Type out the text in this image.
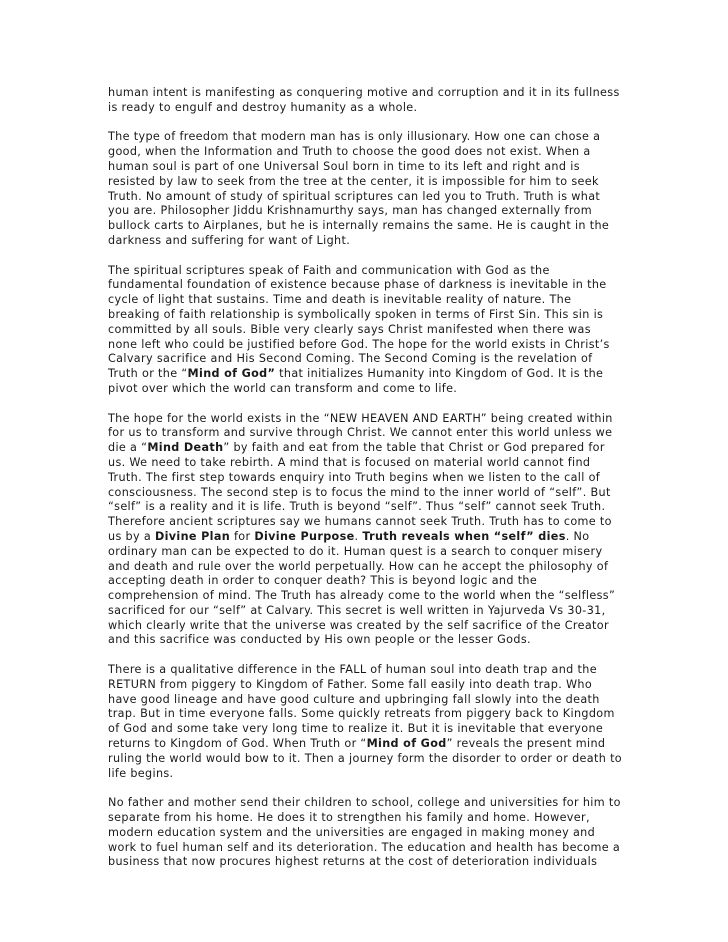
human intent is manifesting as conquering motive and corruption and it in its fullness is ready to engulf and destroy humanity as a whole.

The type of freedom that modern man has is only illusionary. How one can chose a good, when the Information and Truth to choose the good does not exist. When a human soul is part of one Universal Soul born in time to its left and right and is resisted by law to seek from the tree at the center, it is impossible for him to seek Truth. No amount of study of spiritual scriptures can led you to Truth. Truth is what you are. Philosopher Jiddu Krishnamurthy says, man has changed externally from bullock carts to Airplanes, but he is internally remains the same. He is caught in the darkness and suffering for want of Light.

The spiritual scriptures speak of Faith and communication with God as the fundamental foundation of existence because phase of darkness is inevitable in the cycle of light that sustains. Time and death is inevitable reality of nature. The breaking of faith relationship is symbolically spoken in terms of First Sin. This sin is committed by all souls. Bible very clearly says Christ manifested when there was none left who could be justified before God. The hope for the world exists in Christ’s Calvary sacrifice and His Second Coming. The Second Coming is the revelation of Truth or the “Mind of God” that initializes Humanity into Kingdom of God. It is the pivot over which the world can transform and come to life.

The hope for the world exists in the “NEW HEAVEN AND EARTH” being created within for us to transform and survive through Christ. We cannot enter this world unless we die a “Mind Death” by faith and eat from the table that Christ or God prepared for us. We need to take rebirth. A mind that is focused on material world cannot find Truth. The first step towards enquiry into Truth begins when we listen to the call of consciousness. The second step is to focus the mind to the inner world of “self”. But “self” is a reality and it is life. Truth is beyond “self”. Thus “self” cannot seek Truth. Therefore ancient scriptures say we humans cannot seek Truth. Truth has to come to us by a Divine Plan for Divine Purpose. Truth reveals when “self” dies. No ordinary man can be expected to do it. Human quest is a search to conquer misery and death and rule over the world perpetually. How can he accept the philosophy of accepting death in order to conquer death? This is beyond logic and the comprehension of mind. The Truth has already come to the world when the “selfless” sacrificed for our “self” at Calvary. This secret is well written in Yajurveda Vs 30-31, which clearly write that the universe was created by the self sacrifice of the Creator and this sacrifice was conducted by His own people or the lesser Gods.

There is a qualitative difference in the FALL of human soul into death trap and the RETURN from piggery to Kingdom of Father. Some fall easily into death trap. Who have good lineage and have good culture and upbringing fall slowly into the death trap. But in time everyone falls. Some quickly retreats from piggery back to Kingdom of God and some take very long time to realize it. But it is inevitable that everyone returns to Kingdom of God. When Truth or “Mind of God” reveals the present mind ruling the world would bow to it. Then a journey form the disorder to order or death to life begins.

No father and mother send their children to school, college and universities for him to separate from his home. He does it to strengthen his family and home. However, modern education system and the universities are engaged in making money and work to fuel human self and its deterioration. The education and health has become a business that now procures highest returns at the cost of deterioration individuals
